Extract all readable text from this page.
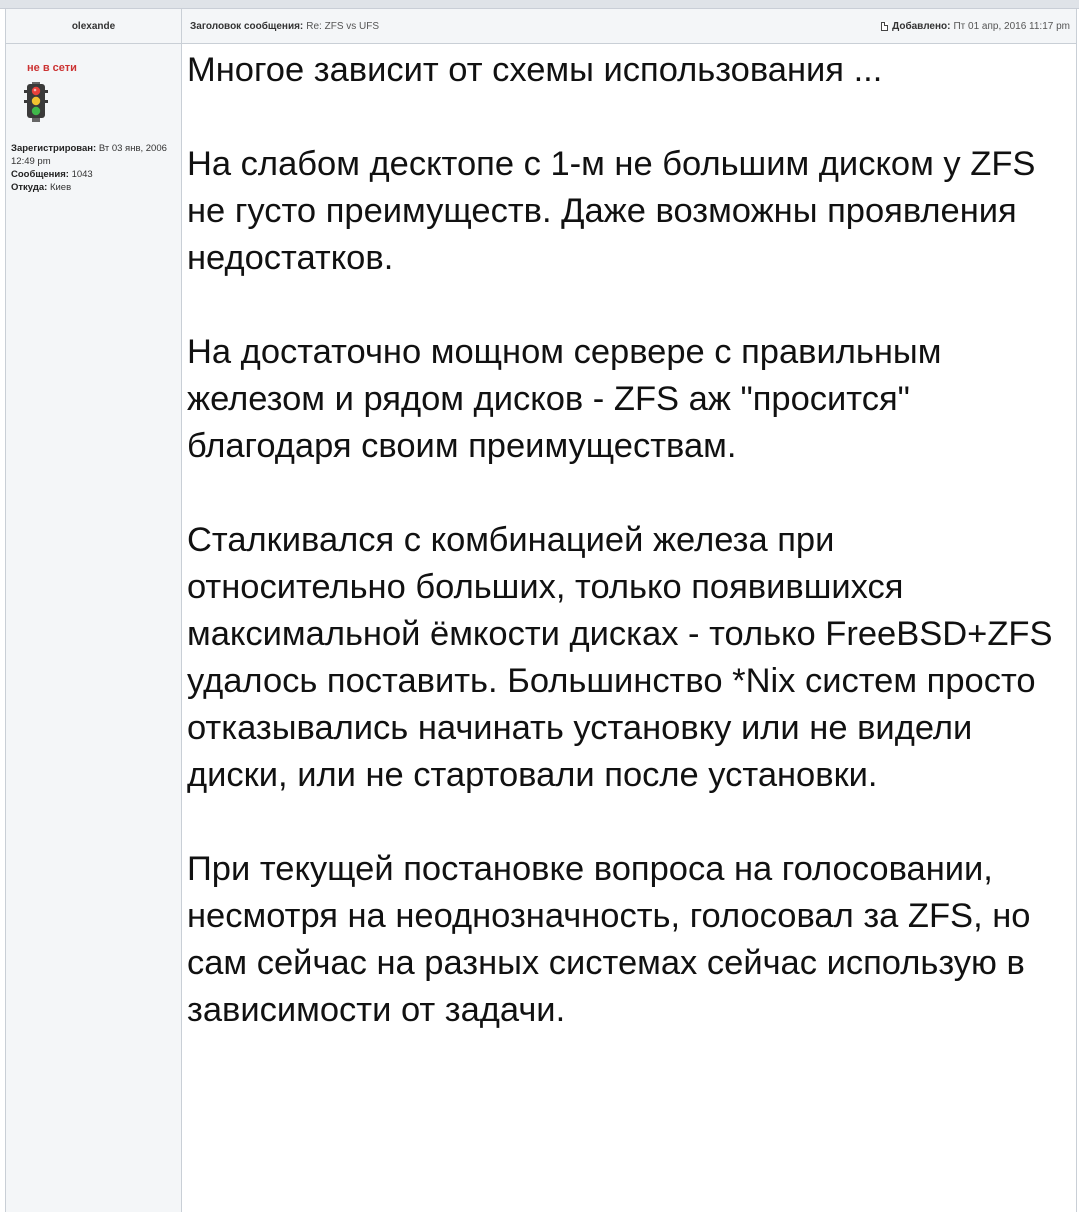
olexande	Заголовок сообщения: Re: ZFS vs UFS	Добавлено: Пт 01 апр, 2016 11:17 pm
не в сети
Зарегистрирован: Вт 03 янв, 2006 12:49 pm
Сообщения: 1043
Откуда: Киев

Многое зависит от схемы использования ...

На слабом десктопе с 1-м не большим диском у ZFS не густо преимуществ. Даже возможны проявления недостатков.

На достаточно мощном сервере с правильным железом и рядом дисков - ZFS аж "просится" благодаря своим преимуществам.

Сталкивался с комбинацией железа при относительно больших, только появившихся максимальной ёмкости дисках - только FreeBSD+ZFS удалось поставить. Большинство *Nix систем просто отказывались начинать установку или не видели диски, или не стартовали после установки.

При текущей постановке вопроса на голосовании, несмотря на неоднозначность, голосовал за ZFS, но сам сейчас на разных системах сейчас использую в зависимости от задачи.
